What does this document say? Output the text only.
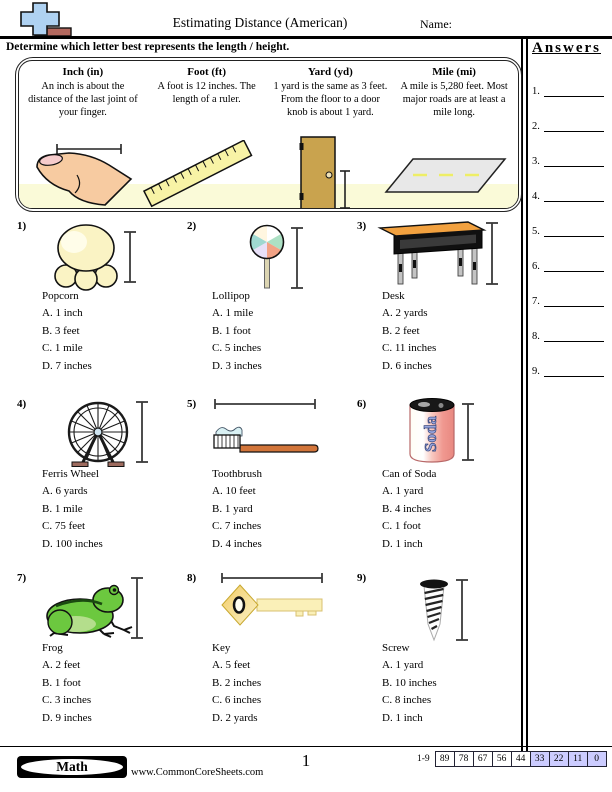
Estimating Distance (American)	Name:
Determine which letter best represents the length / height.	Answers
1.
2.
3.
4.
5.
6.
7.
8.
9.
Inch (in)
An inch is about the distance of the last joint of your finger.
Foot (ft)
A foot is 12 inches. The length of a ruler.
Yard (yd)
1 yard is the same as 3 feet. From the floor to a door knob is about 1 yard.
Mile (mi)
A mile is 5,280 feet. Most major roads are at least a mile long.
1)
Popcorn
A. 1 inch
B. 3 feet
C. 1 mile
D. 7 inches
2)
Lollipop
A. 1 mile
B. 1 foot
C. 5 inches
D. 3 inches
3)
Desk
A. 2 yards
B. 2 feet
C. 11 inches
D. 6 inches
4)
Ferris Wheel
A. 6 yards
B. 1 mile
C. 75 feet
D. 100 inches
5)
Toothbrush
A. 10 feet
B. 1 yard
C. 7 inches
D. 4 inches
6)
Soda
Can of Soda
A. 1 yard
B. 4 inches
C. 1 foot
D. 1 inch
7)
Frog
A. 2 feet
B. 1 foot
C. 3 inches
D. 9 inches
8)
Key
A. 5 feet
B. 2 inches
C. 6 inches
D. 2 yards
9)
Screw
A. 1 yard
B. 10 inches
C. 8 inches
D. 1 inch
Math	www.CommonCoreSheets.com
1	1-9	89	78	67	56	44	33	22	11	0
